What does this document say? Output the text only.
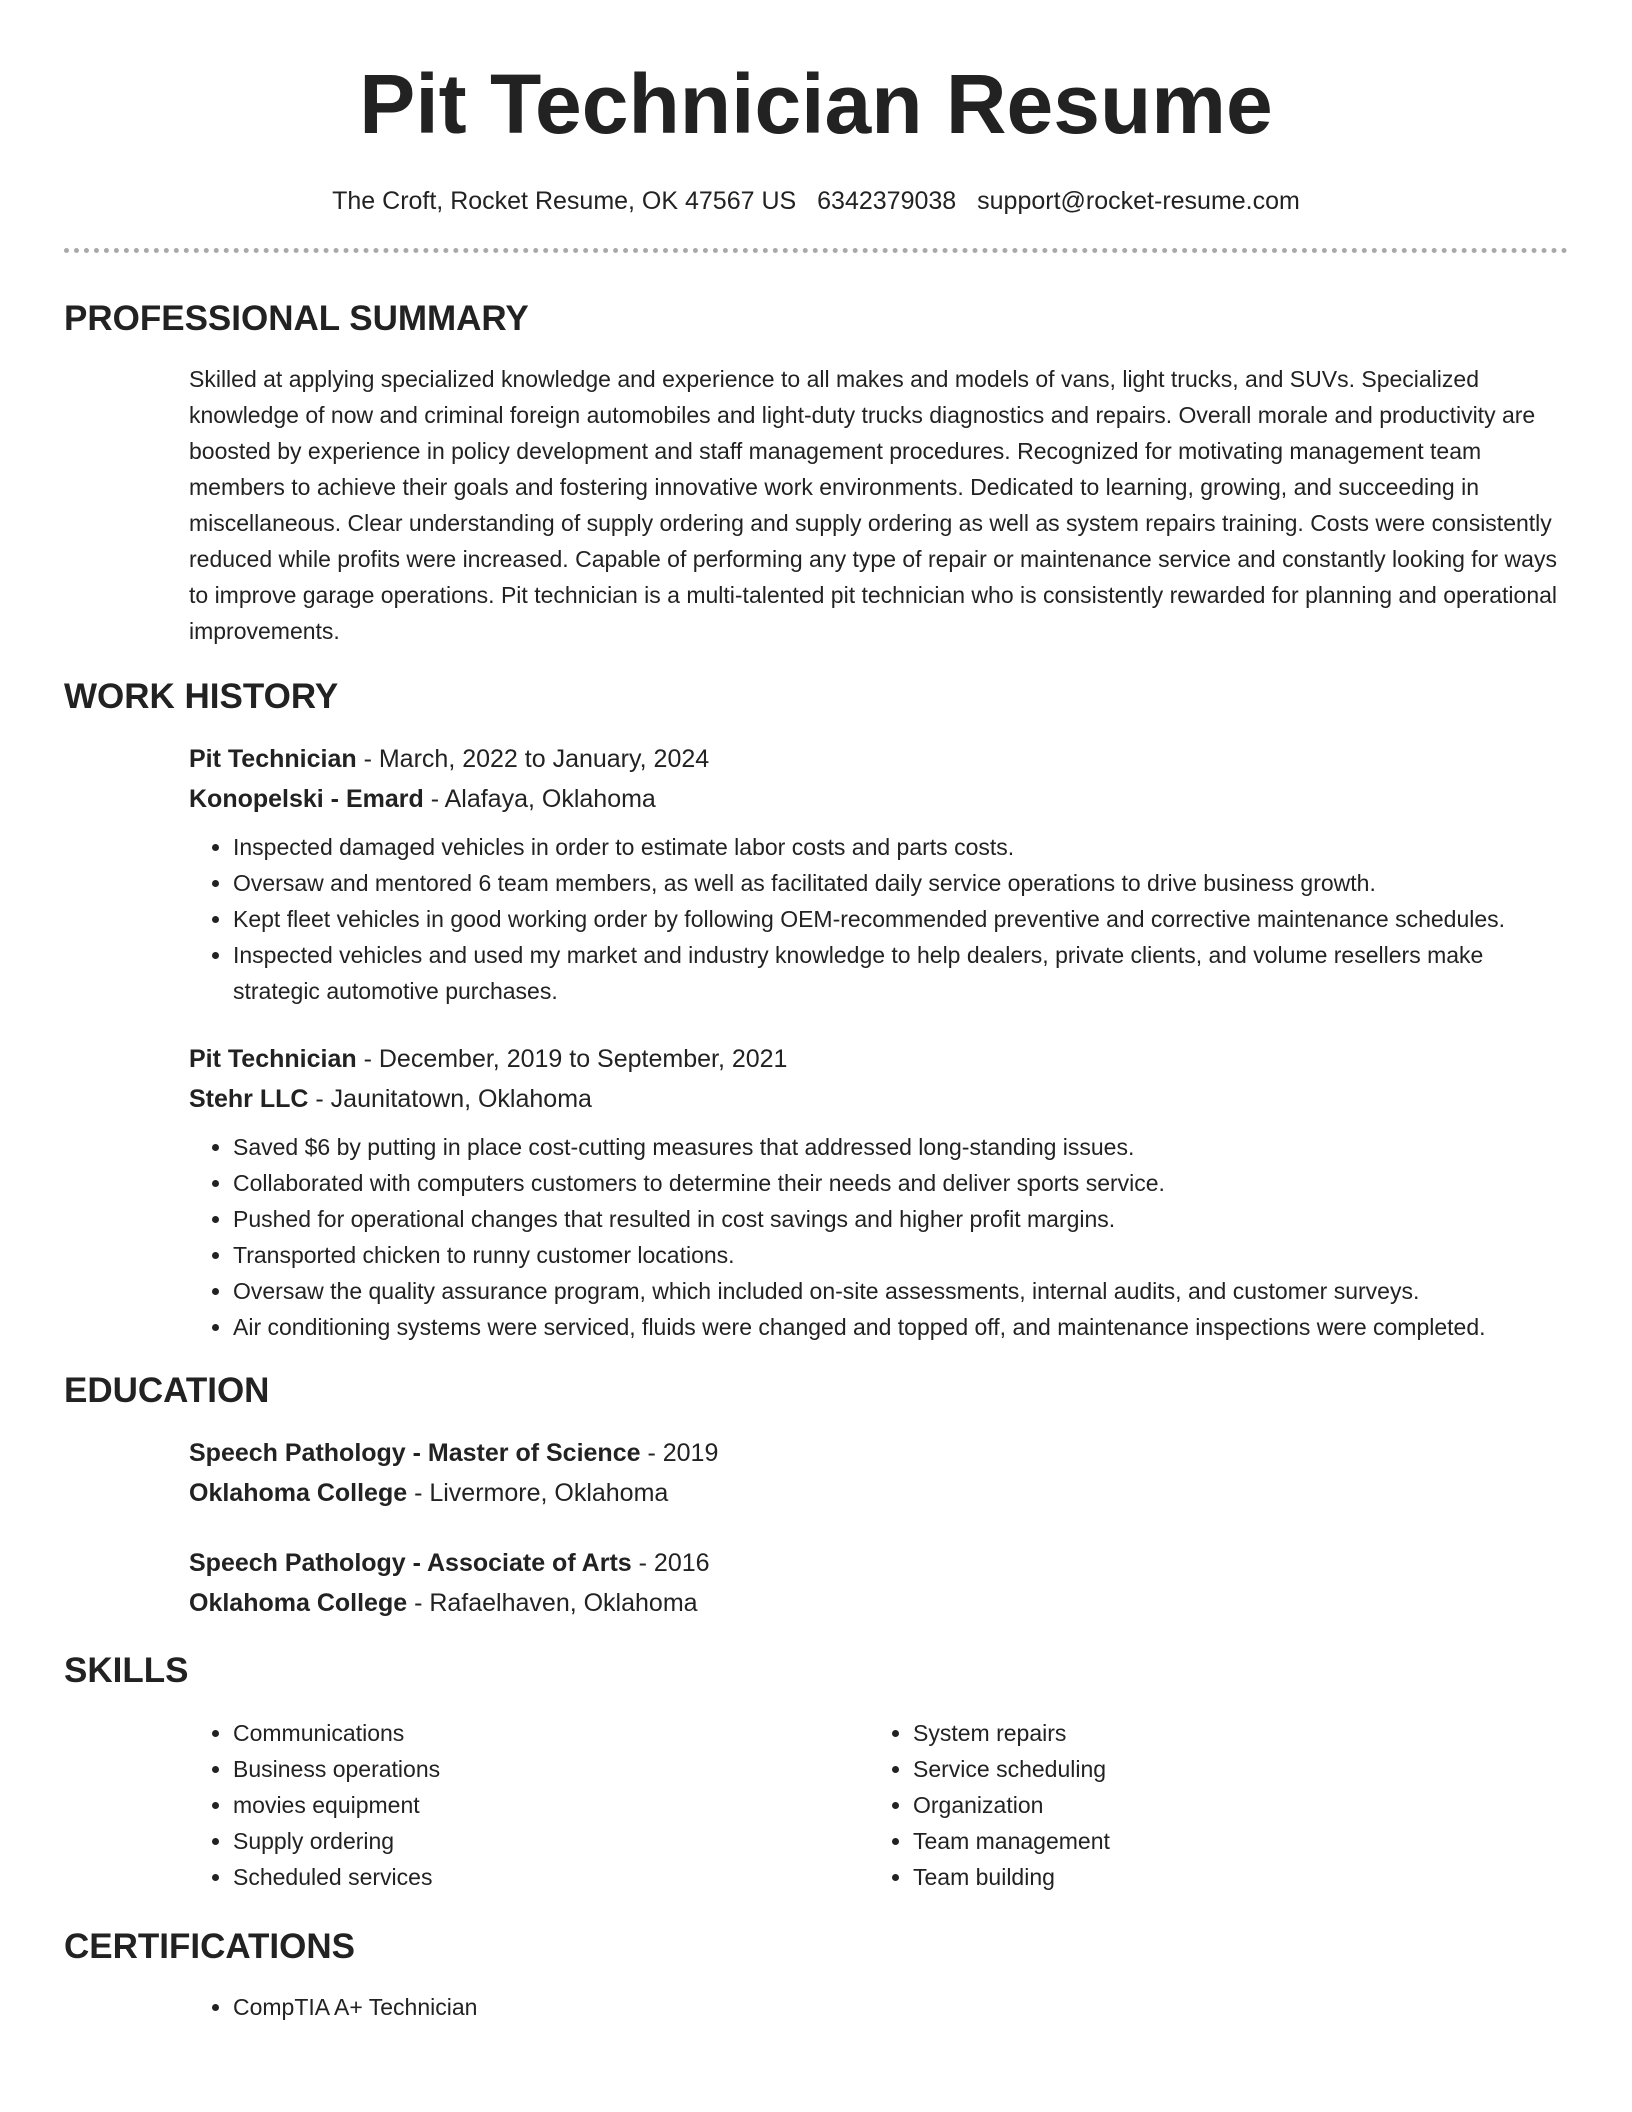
Pit Technician Resume
The Croft, Rocket Resume, OK 47567 US 6342379038 support@rocket-resume.com
PROFESSIONAL SUMMARY
Skilled at applying specialized knowledge and experience to all makes and models of vans, light trucks, and SUVs. Specialized knowledge of now and criminal foreign automobiles and light-duty trucks diagnostics and repairs. Overall morale and productivity are boosted by experience in policy development and staff management procedures. Recognized for motivating management team members to achieve their goals and fostering innovative work environments. Dedicated to learning, growing, and succeeding in miscellaneous. Clear understanding of supply ordering and supply ordering as well as system repairs training. Costs were consistently reduced while profits were increased. Capable of performing any type of repair or maintenance service and constantly looking for ways to improve garage operations. Pit technician is a multi-talented pit technician who is consistently rewarded for planning and operational improvements.
WORK HISTORY
Pit Technician - March, 2022 to January, 2024
Konopelski - Emard - Alafaya, Oklahoma
• Inspected damaged vehicles in order to estimate labor costs and parts costs.
• Oversaw and mentored 6 team members, as well as facilitated daily service operations to drive business growth.
• Kept fleet vehicles in good working order by following OEM-recommended preventive and corrective maintenance schedules.
• Inspected vehicles and used my market and industry knowledge to help dealers, private clients, and volume resellers make strategic automotive purchases.
Pit Technician - December, 2019 to September, 2021
Stehr LLC - Jaunitatown, Oklahoma
• Saved $6 by putting in place cost-cutting measures that addressed long-standing issues.
• Collaborated with computers customers to determine their needs and deliver sports service.
• Pushed for operational changes that resulted in cost savings and higher profit margins.
• Transported chicken to runny customer locations.
• Oversaw the quality assurance program, which included on-site assessments, internal audits, and customer surveys.
• Air conditioning systems were serviced, fluids were changed and topped off, and maintenance inspections were completed.
EDUCATION
Speech Pathology - Master of Science - 2019
Oklahoma College - Livermore, Oklahoma
Speech Pathology - Associate of Arts - 2016
Oklahoma College - Rafaelhaven, Oklahoma
SKILLS
• Communications
• Business operations
• movies equipment
• Supply ordering
• Scheduled services
• System repairs
• Service scheduling
• Organization
• Team management
• Team building
CERTIFICATIONS
• CompTIA A+ Technician
